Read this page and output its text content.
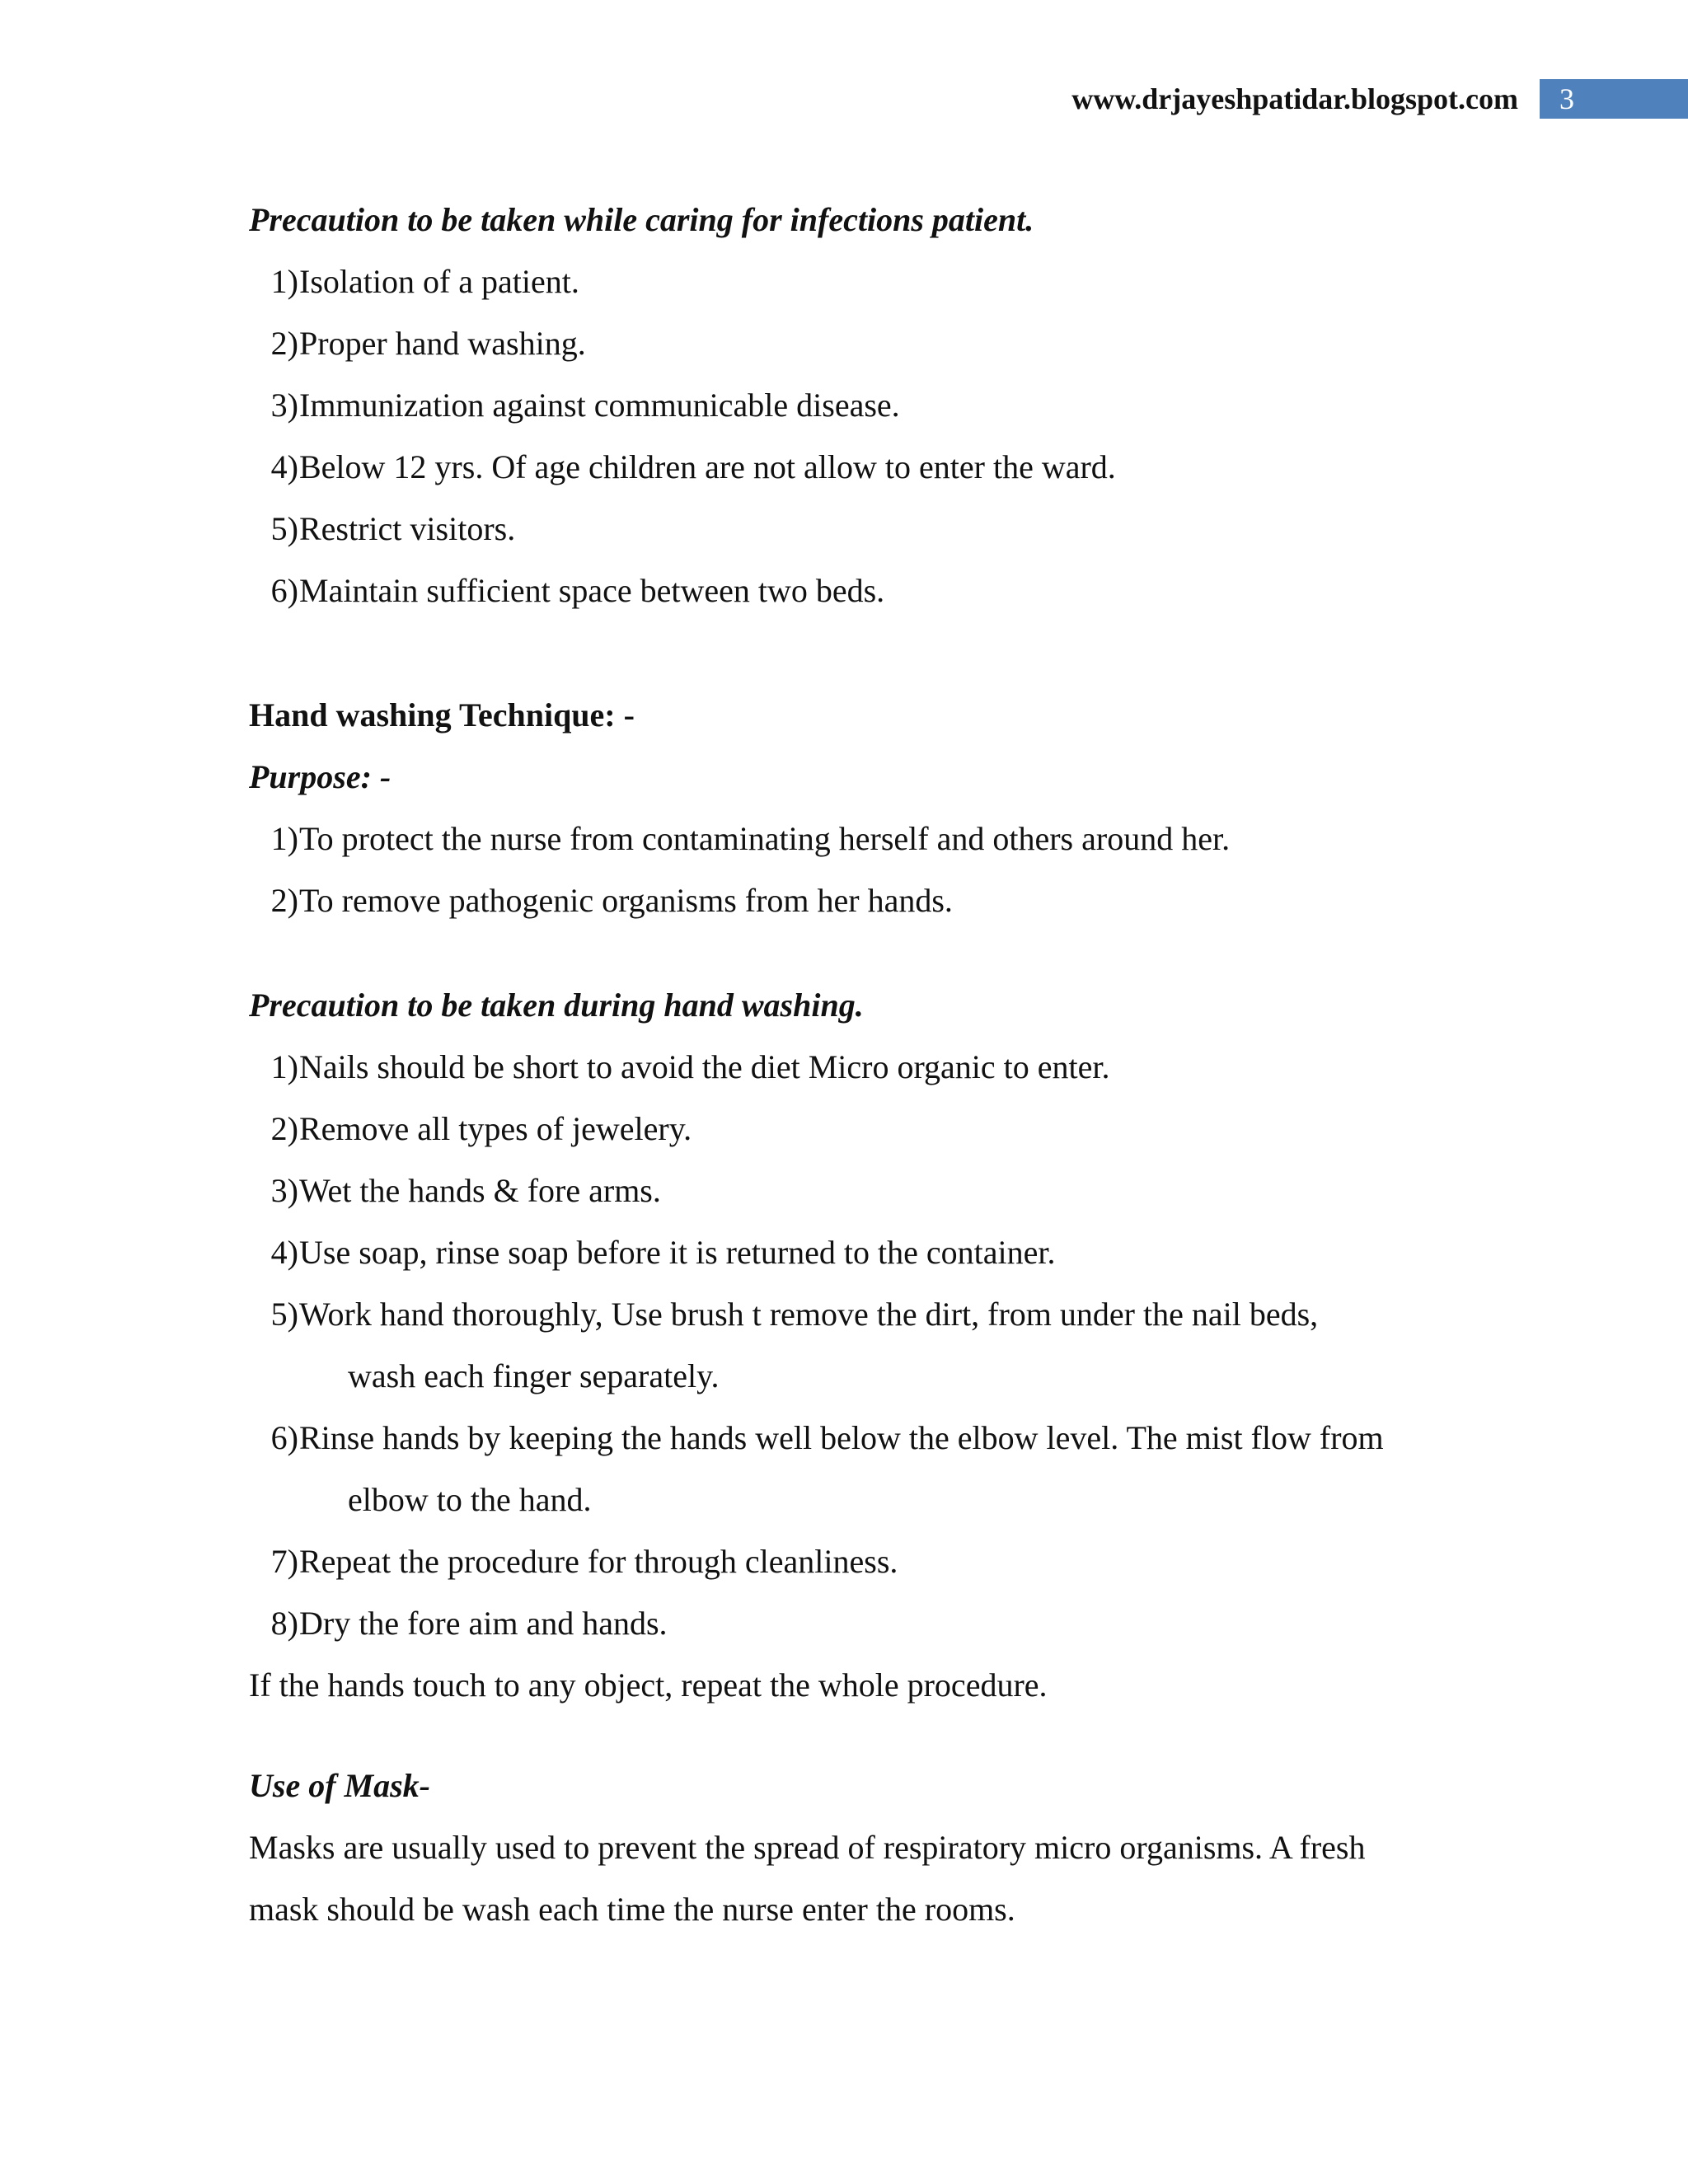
www.drjayeshpatidar.blogspot.com 3
Precaution to be taken while caring for infections patient.
1) Isolation of a patient.
2) Proper hand washing.
3) Immunization against communicable disease.
4) Below 12 yrs. Of age children are not allow to enter the ward.
5) Restrict visitors.
6) Maintain sufficient space between two beds.
Hand washing Technique: -
Purpose: -
1) To protect the nurse from contaminating herself and others around her.
2) To remove pathogenic organisms from her hands.
Precaution to be taken during hand washing.
1) Nails should be short to avoid the diet Micro organic to enter.
2) Remove all types of jewelery.
3) Wet the hands & fore arms.
4) Use soap, rinse soap before it is returned to the container.
5) Work hand thoroughly, Use brush t remove the dirt, from under the nail beds,
wash each finger separately.
6) Rinse hands by keeping the hands well below the elbow level. The mist flow from
elbow to the hand.
7) Repeat the procedure for through cleanliness.
8) Dry the fore aim and hands.
If the hands touch to any object, repeat the whole procedure.
Use of Mask-
Masks are usually used to prevent the spread of respiratory micro organisms. A fresh
mask should be wash each time the nurse enter the rooms.
